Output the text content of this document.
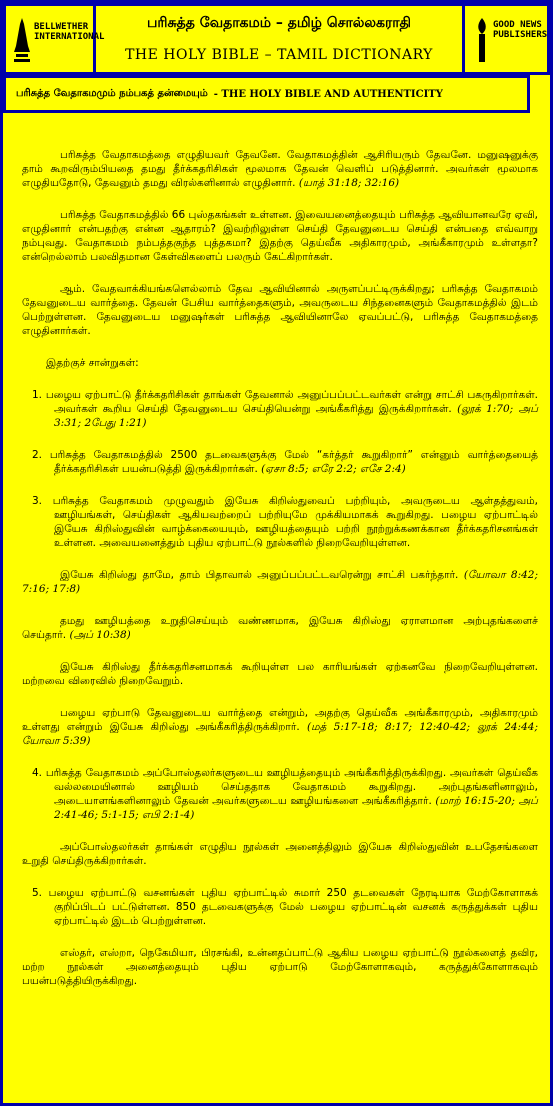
BELLWETHER INTERNATIONAL
பரிசுத்த வேதாகமம் – தமிழ் சொல்லகராதி
THE HOLY BIBLE – TAMIL DICTIONARY
GOOD NEWS PUBLISHERS
பரிசுத்த வேதாகமமும் நம்பகத் தன்மையும் - THE HOLY BIBLE AND AUTHENTICITY

பரிசுத்த வேதாகமத்தை எழுதியவர் தேவனே. வேதாகமத்தின் ஆசிரியரும் தேவனே. மனுஷனுக்கு தாம் கூறவிரும்பியதை தமது தீர்க்கதரிசிகள் மூலமாக தேவன் வெளிப் படுத்தினார். அவர்கள் மூலமாக எழுதியதோடு, தேவனும் தமது விரல்களினால் எழுதினார். (யாத் 31:18; 32:16)

பரிசுத்த வேதாகமத்தில் 66 புஸ்தகங்கள் உள்ளன. இவையனைத்தையும் பரிசுத்த ஆவியானவரே ஏவி, எழுதினார் என்பதற்கு என்ன ஆதாரம்? இவற்றிலுள்ள செய்தி தேவனுடைய செய்தி என்பதை எவ்வாறு நம்புவது. வேதாகமம் நம்பத்தகுந்த புத்தகமா? இதற்கு தெய்வீக அதிகாரமும், அங்கீகாரமும் உள்ளதா? என்றெல்லாம் பலவிதமான கேள்விகளைப் பலரும் கேட்கிறார்கள்.

ஆம். வேதவாக்கியங்களெல்லாம் தேவ ஆவியினால் அருளப்பட்டிருக்கிறது; பரிசுத்த வேதாகமம் தேவனுடைய வார்த்தை. தேவன் பேசிய வார்த்தைகளும், அவருடைய சிந்தனைகளும் வேதாகமத்தில் இடம் பெற்றுள்ளன. தேவனுடைய மனுஷர்கள் பரிசுத்த ஆவியினாலே ஏவப்பட்டு, பரிசுத்த வேதாகமத்தை எழுதினார்கள்.

இதற்குச் சான்றுகள்:

1. பழைய ஏற்பாட்டு தீர்க்கதரிசிகள் தாங்கள் தேவனால் அனுப்பப்பட்டவர்கள் என்று சாட்சி பகருகிறார்கள். அவர்கள் கூறிய செய்தி தேவனுடைய செய்தியென்று அங்கீகரித்து இருக்கிறார்கள். (லூக் 1:70; அப் 3:31; 2பேது 1:21)
2. பரிசுத்த வேதாகமத்தில் 2500 தடவைகளுக்கு மேல் “கர்த்தர் கூறுகிறார்” என்னும் வார்த்தையைத் தீர்க்கதரிசிகள் பயன்படுத்தி இருக்கிறார்கள். (ஏசா 8:5; எரே 2:2; எசே 2:4)
3. பரிசுத்த வேதாகமம் முழுவதும் இயேசு கிறிஸ்துவைப் பற்றியும், அவருடைய ஆள்தத்துவம், ஊழியங்கள், செய்திகள் ஆகியவற்றைப் பற்றியுமே முக்கியமாகக் கூறுகிறது. பழைய ஏற்பாட்டில் இயேசு கிறிஸ்துவின் வாழ்க்கையையும், ஊழியத்தையும் பற்றி நூற்றுக்கணக்கான தீர்க்கதரிசனங்கள் உள்ளன. அவையனைத்தும் புதிய ஏற்பாட்டு நூல்களில் நிறைவேறியுள்ளன.

இயேசு கிறிஸ்து தாமே, தாம் பிதாவால் அனுப்பப்பட்டவரென்று சாட்சி பகர்ந்தார். (யோவா 8:42; 7:16; 17:8)

தமது ஊழியத்தை உறுதிசெய்யும் வண்ணமாக, இயேசு கிறிஸ்து ஏராளமான அற்புதங்களைச் செய்தார். (அப் 10:38)

இயேசு கிறிஸ்து தீர்க்கதரிசனமாகக் கூறியுள்ள பல காரியங்கள் ஏற்கனவே நிறைவேறியுள்ளன. மற்றவை விரைவில் நிறைவேறும்.

பழைய ஏற்பாடு தேவனுடைய வார்த்தை என்றும், அதற்கு தெய்வீக அங்கீகாரமும், அதிகாரமும் உள்ளது என்றும் இயேசு கிறிஸ்து அங்கீகரித்திருக்கிறார். (மத் 5:17-18; 8:17; 12:40-42; லூக் 24:44; யோவா 5:39)

4. பரிசுத்த வேதாகமம் அப்போஸ்தலர்களுடைய ஊழியத்தையும் அங்கீகரித்திருக்கிறது. அவர்கள் தெய்வீக வல்லமையினால் ஊழியம் செய்ததாக வேதாகமம் கூறுகிறது. அற்புதங்களினாலும், அடையாளங்களினாலும் தேவன் அவர்களுடைய ஊழியங்களை அங்கீகரித்தார். (மாற் 16:15-20; அப் 2:41-46; 5:1-15; எபி 2:1-4)

அப்போஸ்தலர்கள் தாங்கள் எழுதிய நூல்கள் அனைத்திலும் இயேசு கிறிஸ்துவின் உபதேசங்களை உறுதி செய்திருக்கிறார்கள்.

5. பழைய ஏற்பாட்டு வசனங்கள் புதிய ஏற்பாட்டில் சுமார் 250 தடவைகள் நேரடியாக மேற்கோளாகக் குறிப்பிடப் பட்டுள்ளன. 850 தடவைகளுக்கு மேல் பழைய ஏற்பாட்டின் வசனக் கருத்துக்கள் புதிய ஏற்பாட்டில் இடம் பெற்றுள்ளன.

எஸ்தர், எஸ்றா, நெகேமியா, பிரசங்கி, உன்னதப்பாட்டு ஆகிய பழைய ஏற்பாட்டு நூல்களைத் தவிர, மற்ற நூல்கள் அனைத்தையும் புதிய ஏற்பாடு மேற்கோளாகவும், கருத்துக்கோளாகவும் பயன்படுத்தியிருக்கிறது.
